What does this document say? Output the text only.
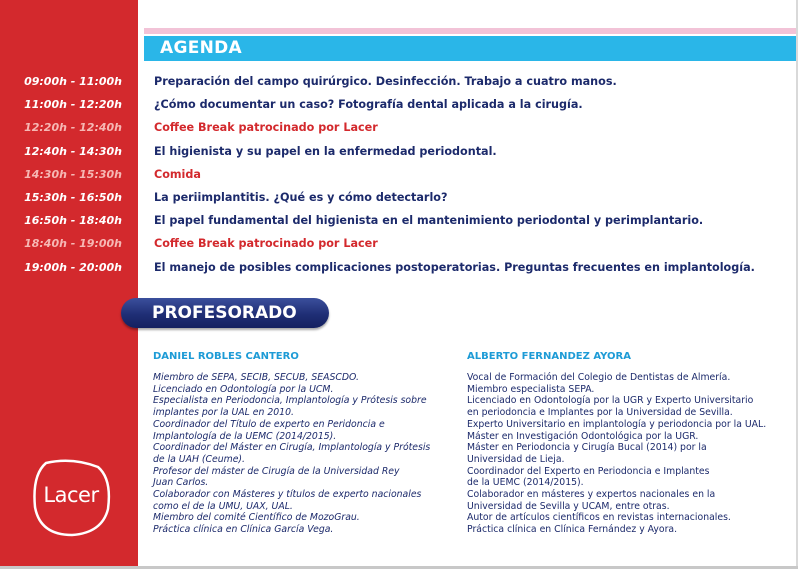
AGENDA
09:00h - 11:00h	Preparación del campo quirúrgico. Desinfección. Trabajo a cuatro manos.
11:00h - 12:20h	¿Cómo documentar un caso? Fotografía dental aplicada a la cirugía.
12:20h - 12:40h	Coffee Break patrocinado por Lacer
12:40h - 14:30h	El higienista y su papel en la enfermedad periodontal.
14:30h - 15:30h	Comida
15:30h - 16:50h	La periimplantitis. ¿Qué es y cómo detectarlo?
16:50h - 18:40h	El papel fundamental del higienista en el mantenimiento periodontal y perimplantario.
18:40h - 19:00h	Coffee Break patrocinado por Lacer
19:00h - 20:00h	El manejo de posibles complicaciones postoperatorias. Preguntas frecuentes en implantología.
PROFESORADO
DANIEL ROBLES CANTERO	ALBERTO FERNANDEZ AYORA
Miembro de SEPA, SECIB, SECUB, SEASCDO.
Licenciado en Odontología por la UCM.
Especialista en Periodoncia, Implantología y Prótesis sobre
implantes por la UAL en 2010.
Coordinador del Título de experto en Peridoncia e
Implantología de la UEMC (2014/2015).
Coordinador del Máster en Cirugía, Implantología y Prótesis
de la UAH (Ceume).
Profesor del máster de Cirugía de la Universidad Rey
Juan Carlos.
Colaborador con Másteres y títulos de experto nacionales
como el de la UMU, UAX, UAL.
Miembro del comité Científico de MozoGrau.
Práctica clínica en Clínica García Vega.
Vocal de Formación del Colegio de Dentistas de Almería.
Miembro especialista SEPA.
Licenciado en Odontología por la UGR y Experto Universitario
en periodoncia e Implantes por la Universidad de Sevilla.
Experto Universitario en implantología y periodoncia por la UAL.
Máster en Investigación Odontológica por la UGR.
Máster en Periodoncia y Cirugía Bucal (2014) por la
Universidad de Lieja.
Coordinador del Experto en Periodoncia e Implantes
de la UEMC (2014/2015).
Colaborador en másteres y expertos nacionales en la
Universidad de Sevilla y UCAM, entre otras.
Autor de artículos científicos en revistas internacionales.
Práctica clínica en Clínica Fernández y Ayora.
Lacer
